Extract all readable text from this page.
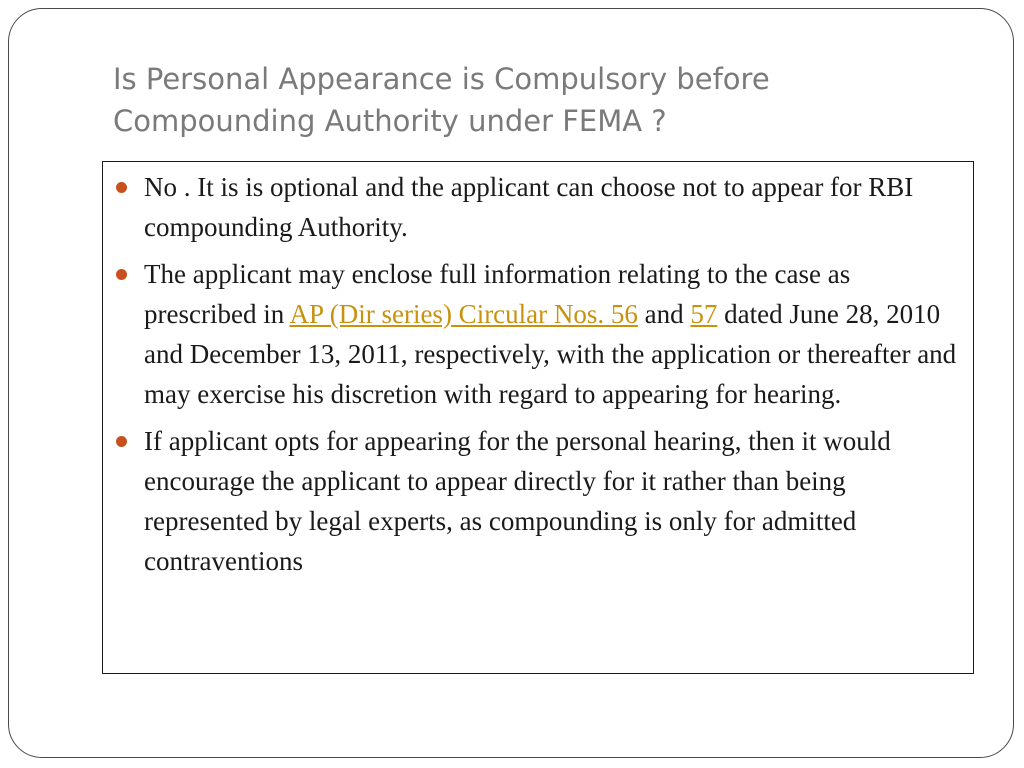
Is Personal Appearance is Compulsory before Compounding Authority under FEMA ?
No . It is is optional and the applicant can choose not to appear for RBI compounding Authority.
The applicant may enclose full information relating to the case as prescribed in AP (Dir series) Circular Nos. 56 and 57 dated June 28, 2010 and December 13, 2011, respectively, with the application or thereafter and may exercise his discretion with regard to appearing for hearing.
If applicant opts for appearing for the personal hearing, then it would encourage the applicant to appear directly for it rather than being represented by legal experts, as compounding is only for admitted contraventions
